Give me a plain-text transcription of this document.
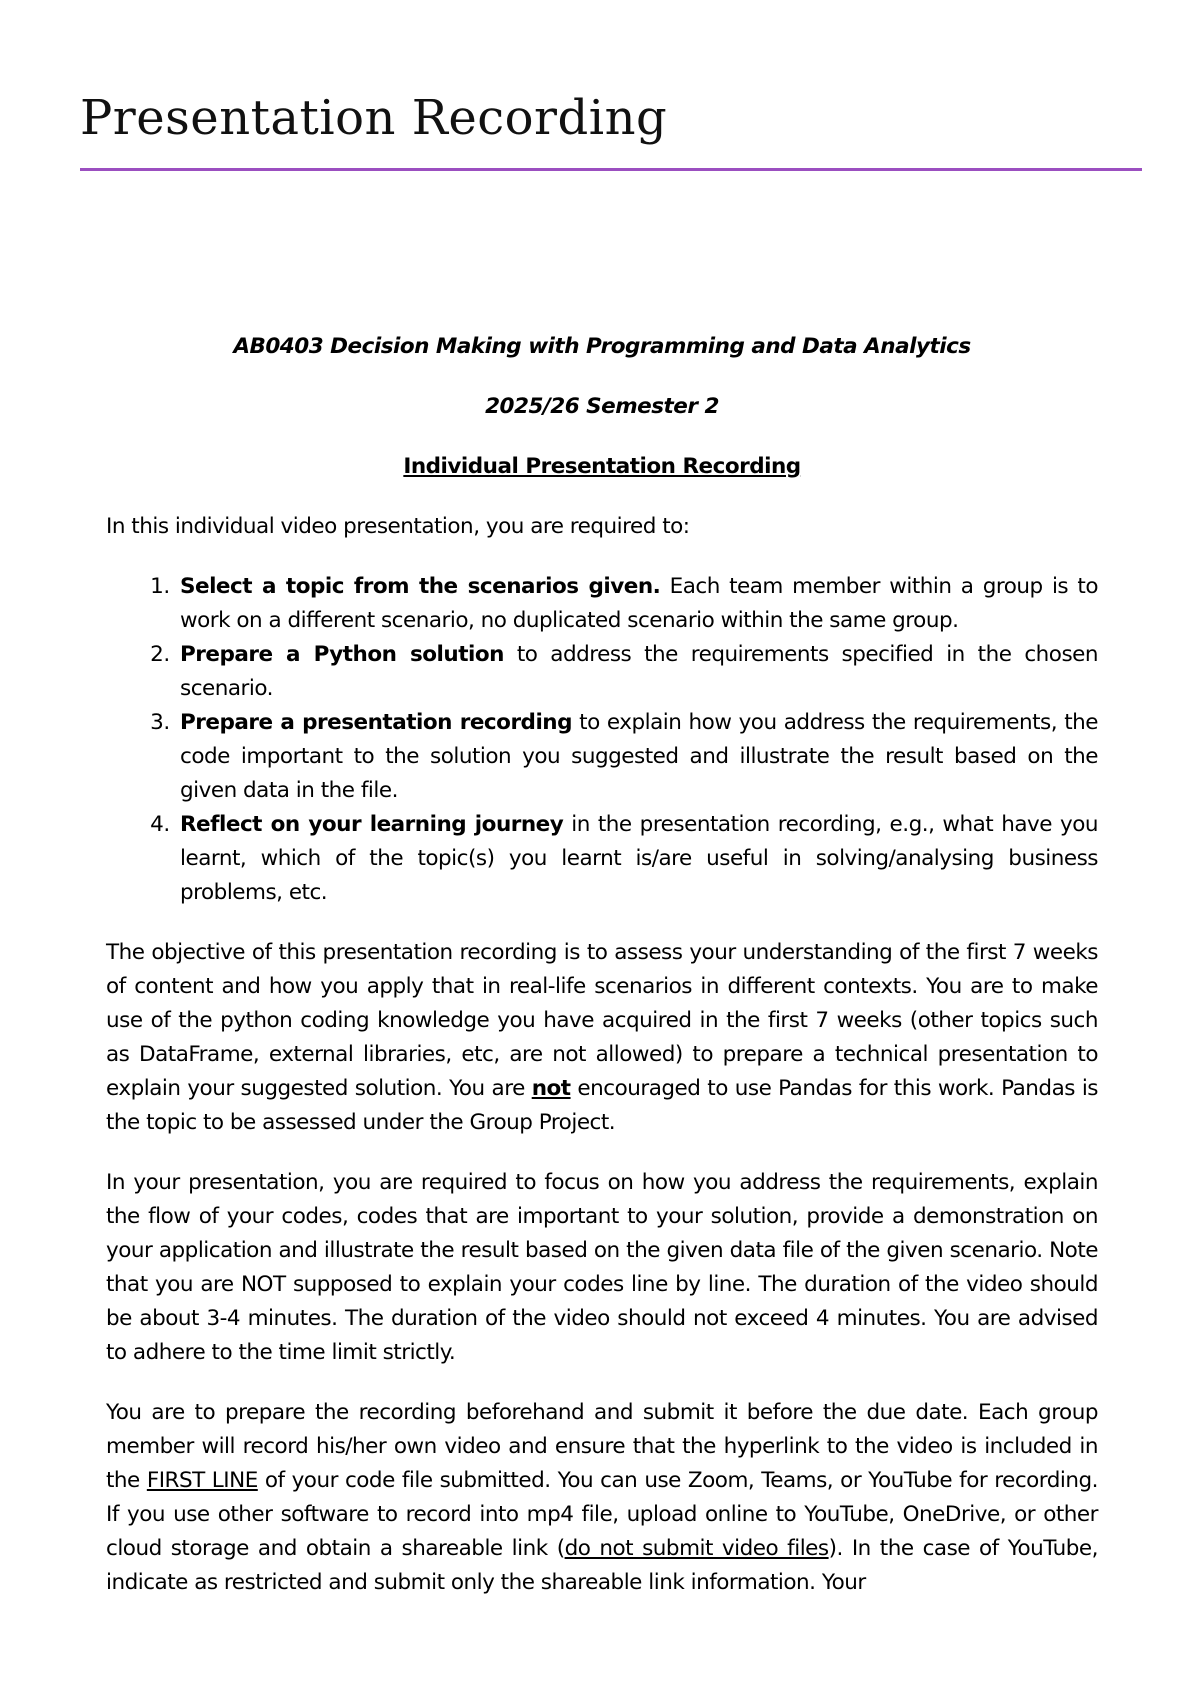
Presentation Recording

AB0403 Decision Making with Programming and Data Analytics

2025/26 Semester 2

Individual Presentation Recording

In this individual video presentation, you are required to:

1. Select a topic from the scenarios given. Each team member within a group is to work on a different scenario, no duplicated scenario within the same group.
2. Prepare a Python solution to address the requirements specified in the chosen scenario.
3. Prepare a presentation recording to explain how you address the requirements, the code important to the solution you suggested and illustrate the result based on the given data in the file.
4. Reflect on your learning journey in the presentation recording, e.g., what have you learnt, which of the topic(s) you learnt is/are useful in solving/analysing business problems, etc.

The objective of this presentation recording is to assess your understanding of the first 7 weeks of content and how you apply that in real-life scenarios in different contexts. You are to make use of the python coding knowledge you have acquired in the first 7 weeks (other topics such as DataFrame, external libraries, etc, are not allowed) to prepare a technical presentation to explain your suggested solution. You are not encouraged to use Pandas for this work. Pandas is the topic to be assessed under the Group Project.

In your presentation, you are required to focus on how you address the requirements, explain the flow of your codes, codes that are important to your solution, provide a demonstration on your application and illustrate the result based on the given data file of the given scenario. Note that you are NOT supposed to explain your codes line by line. The duration of the video should be about 3-4 minutes. The duration of the video should not exceed 4 minutes. You are advised to adhere to the time limit strictly.

You are to prepare the recording beforehand and submit it before the due date. Each group member will record his/her own video and ensure that the hyperlink to the video is included in the FIRST LINE of your code file submitted. You can use Zoom, Teams, or YouTube for recording. If you use other software to record into mp4 file, upload online to YouTube, OneDrive, or other cloud storage and obtain a shareable link (do not submit video files). In the case of YouTube, indicate as restricted and submit only the shareable link information. Your
